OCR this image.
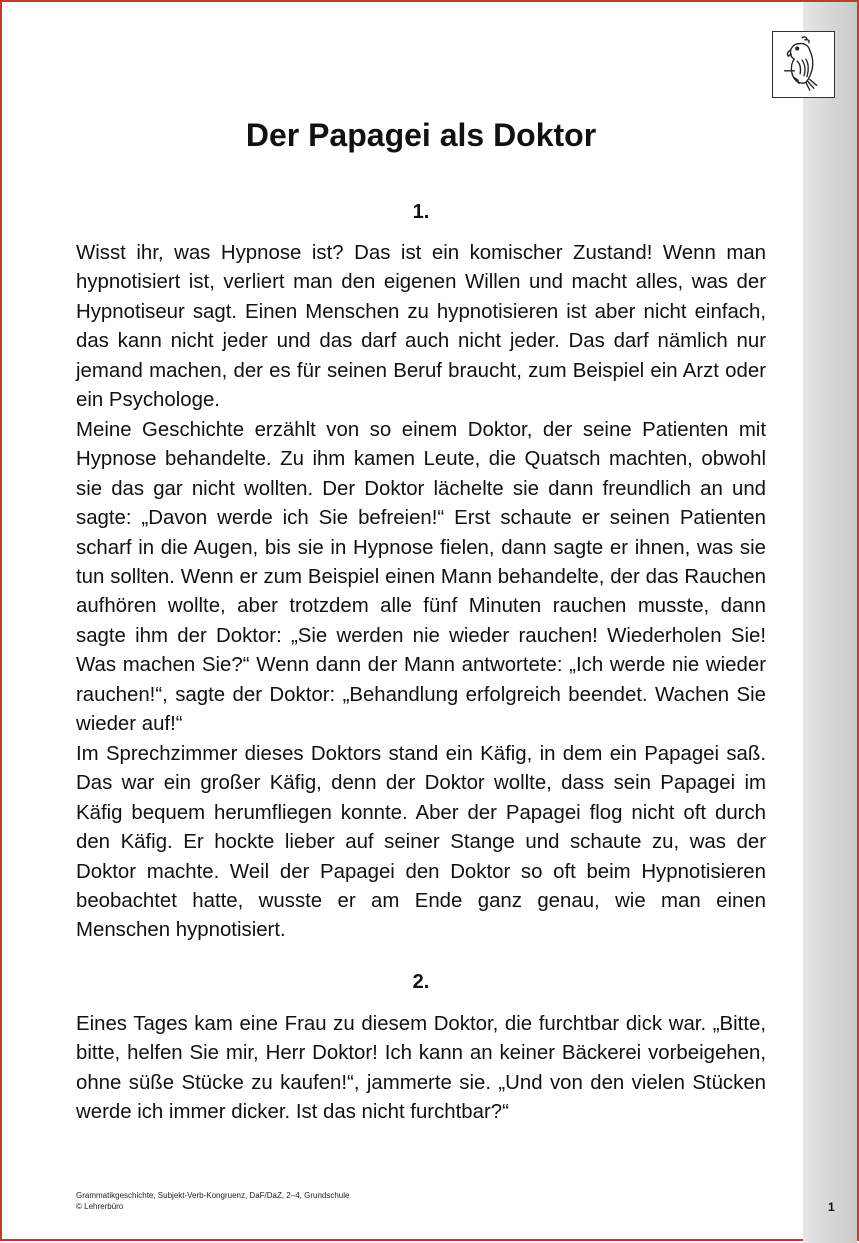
Der Papagei als Doktor
1.

Wisst ihr, was Hypnose ist? Das ist ein komischer Zustand! Wenn man hypnotisiert ist, verliert man den eigenen Willen und macht alles, was der Hypnotiseur sagt. Einen Menschen zu hypnotisieren ist aber nicht einfach, das kann nicht jeder und das darf auch nicht jeder. Das darf nämlich nur jemand machen, der es für seinen Beruf braucht, zum Beispiel ein Arzt oder ein Psychologe.

Meine Geschichte erzählt von so einem Doktor, der seine Patienten mit Hypnose behandelte. Zu ihm kamen Leute, die Quatsch machten, obwohl sie das gar nicht wollten. Der Doktor lächelte sie dann freundlich an und sagte: „Davon werde ich Sie befreien!“ Erst schaute er seinen Patienten scharf in die Augen, bis sie in Hypnose fielen, dann sagte er ihnen, was sie tun sollten. Wenn er zum Beispiel einen Mann behandelte, der das Rauchen aufhören wollte, aber trotzdem alle fünf Minuten rauchen musste, dann sagte ihm der Doktor: „Sie werden nie wieder rauchen! Wiederholen Sie! Was machen Sie?“ Wenn dann der Mann antwortete: „Ich werde nie wieder rauchen!“, sagte der Doktor: „Behandlung erfolgreich beendet. Wachen Sie wieder auf!“

Im Sprechzimmer dieses Doktors stand ein Käfig, in dem ein Papagei saß. Das war ein großer Käfig, denn der Doktor wollte, dass sein Papagei im Käfig bequem herumfliegen konnte. Aber der Papagei flog nicht oft durch den Käfig. Er hockte lieber auf seiner Stange und schaute zu, was der Doktor machte. Weil der Papagei den Doktor so oft beim Hypnotisieren beobachtet hatte, wusste er am Ende ganz genau, wie man einen Menschen hypnotisiert.

2.

Eines Tages kam eine Frau zu diesem Doktor, die furchtbar dick war. „Bitte, bitte, helfen Sie mir, Herr Doktor! Ich kann an keiner Bäckerei vorbeigehen, ohne süße Stücke zu kaufen!“, jammerte sie. „Und von den vielen Stücken werde ich immer dicker. Ist das nicht furchtbar?“

Grammatikgeschichte, Subjekt-Verb-Kongruenz, DaF/DaZ, 2–4, Grundschule
© Lehrerbüro	1
